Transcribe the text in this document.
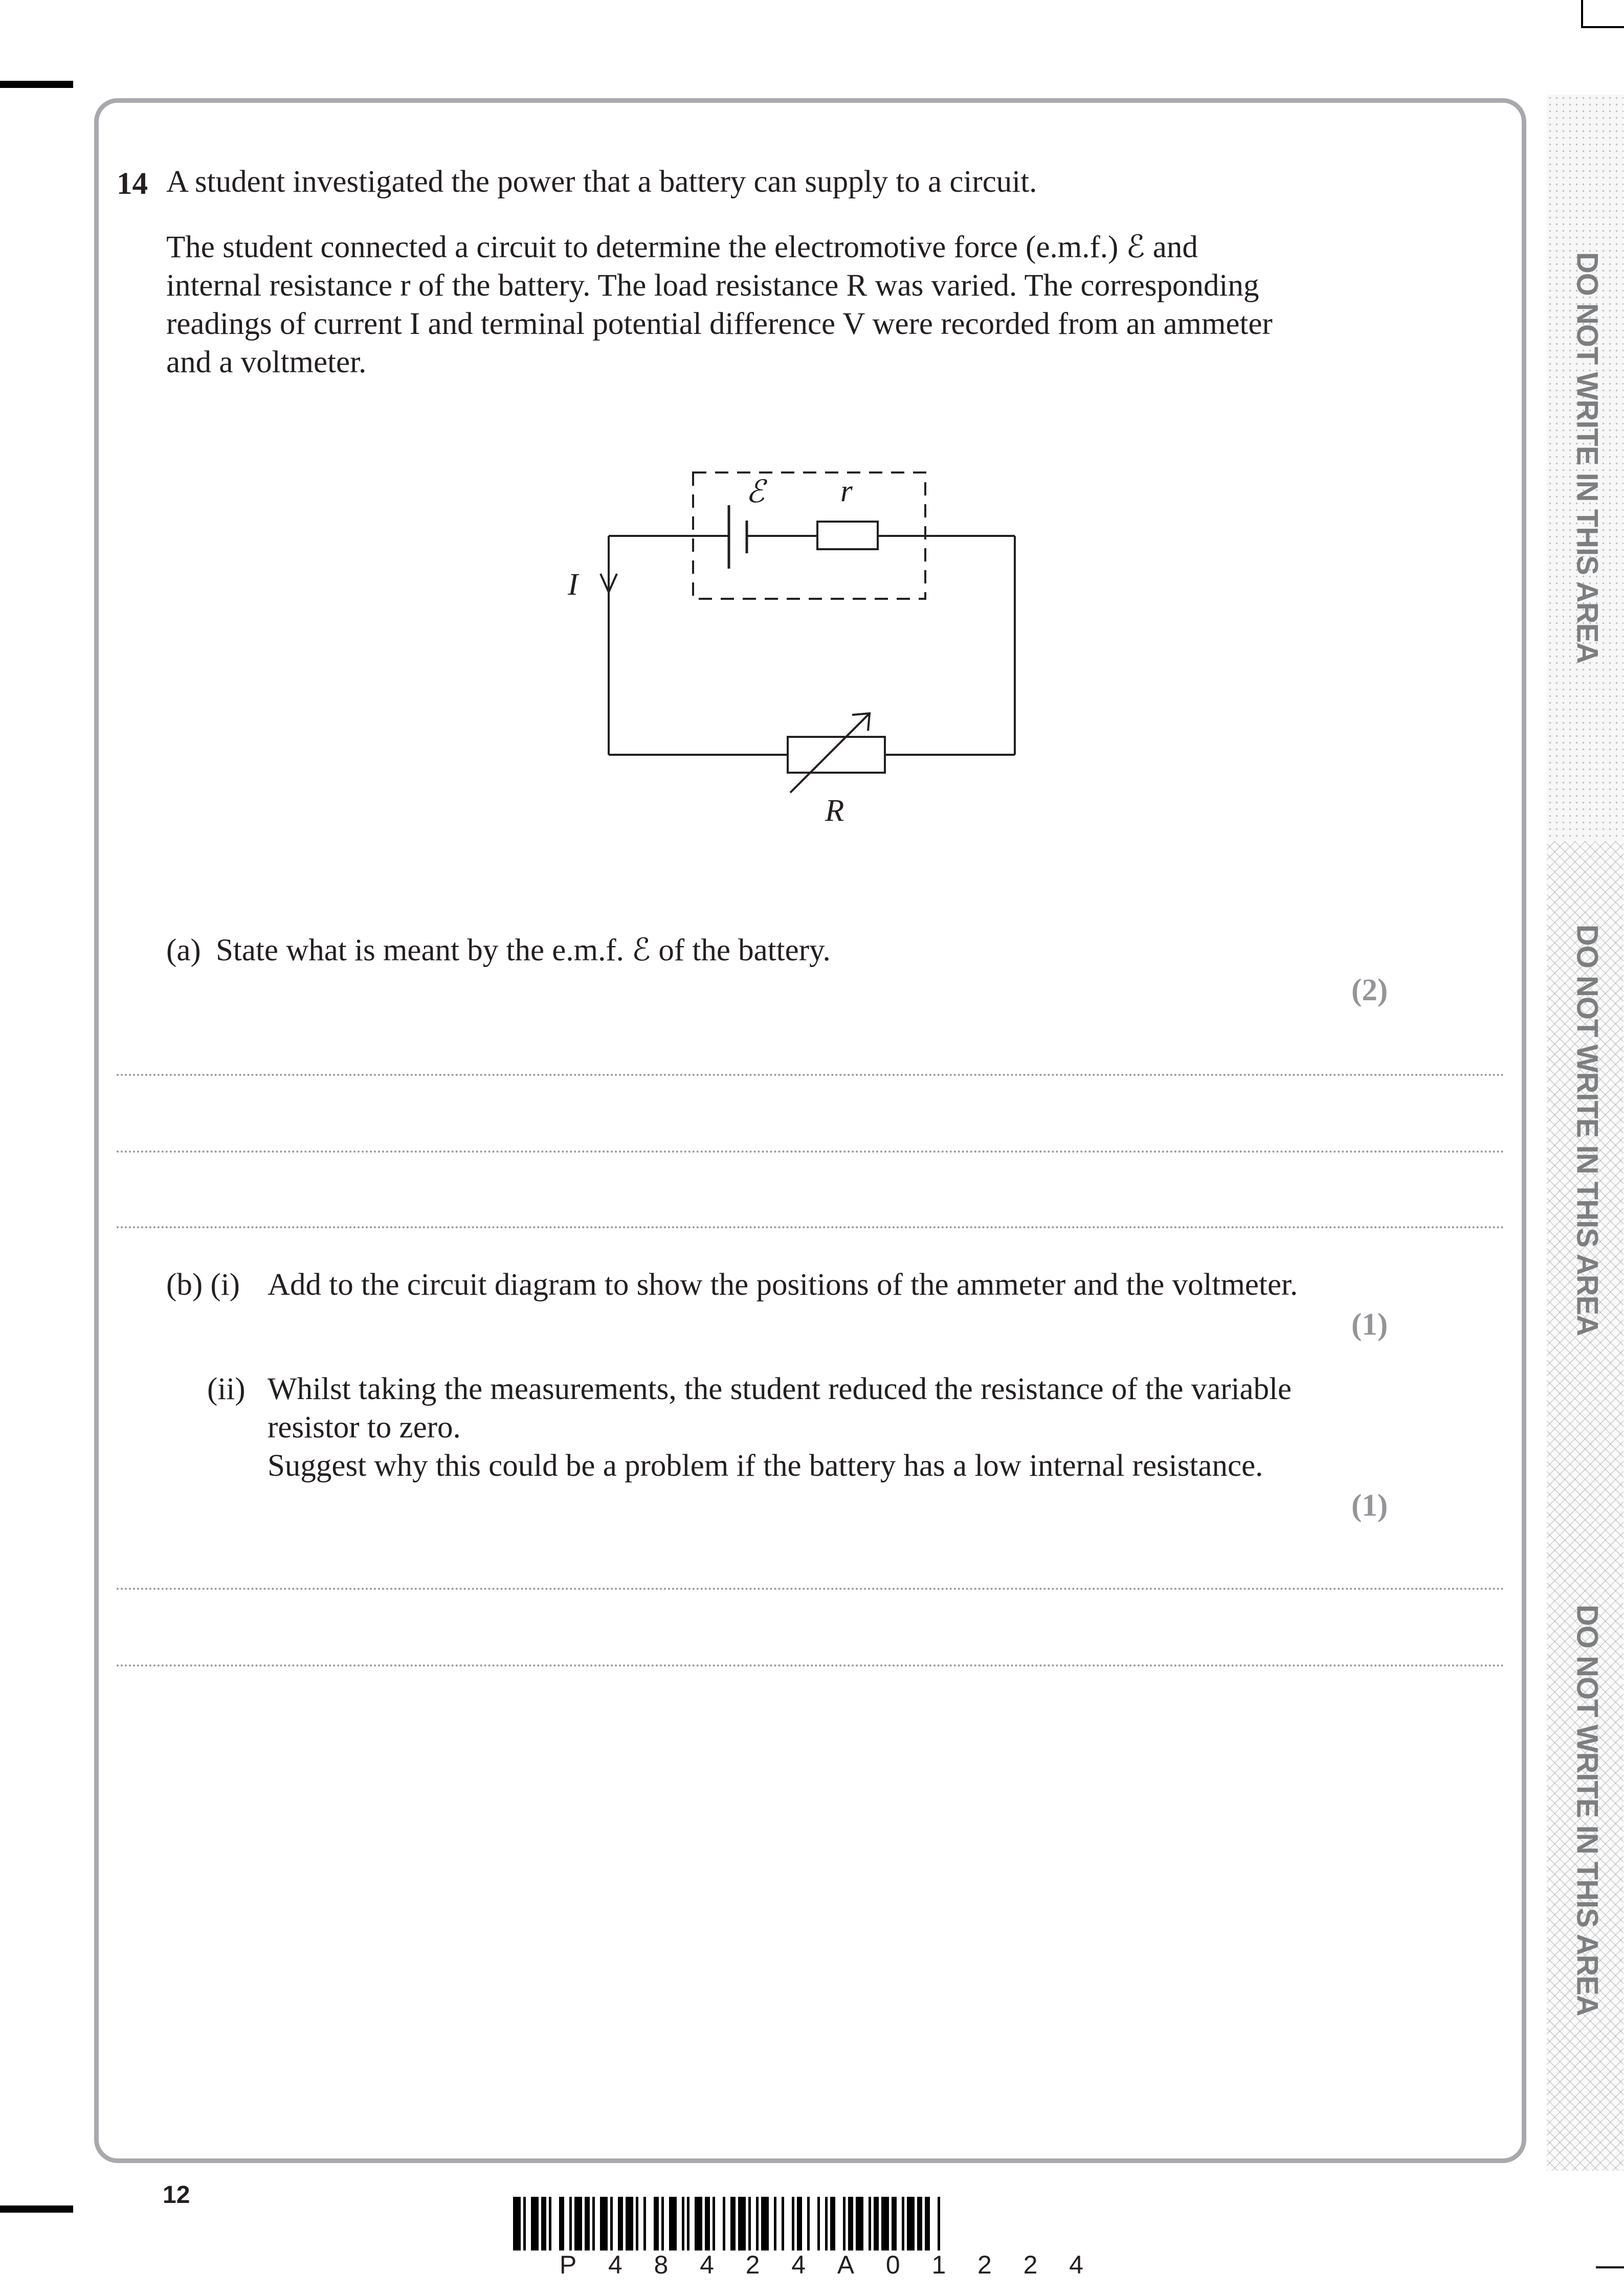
DO NOT WRITE IN THIS AREA
DO NOT WRITE IN THIS AREA
DO NOT WRITE IN THIS AREA
14 A student investigated the power that a battery can supply to a circuit.
The student connected a circuit to determine the electromotive force (e.m.f.) ℰ and
internal resistance r of the battery. The load resistance R was varied. The corresponding
readings of current I and terminal potential difference V were recorded from an ammeter
and a voltmeter.
ℰ r
I
R
(a) State what is meant by the e.m.f. ℰ of the battery.
(2)
(b) (i) Add to the circuit diagram to show the positions of the ammeter and the voltmeter.
(1)
(ii) Whilst taking the measurements, the student reduced the resistance of the variable
resistor to zero.
Suggest why this could be a problem if the battery has a low internal resistance.
(1)
12
P 4 8 4 2 4 A 0 1 2 2 4
